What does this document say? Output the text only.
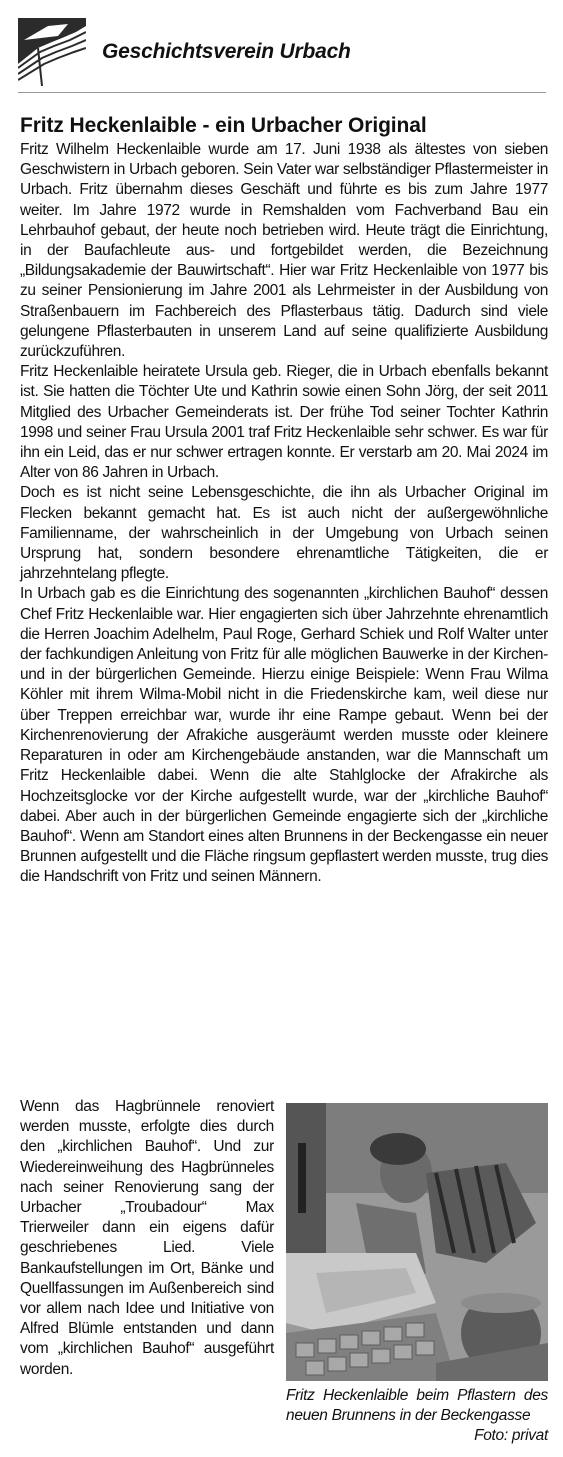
Geschichtsverein Urbach
Fritz Heckenlaible - ein Urbacher Original

Fritz Wilhelm Heckenlaible wurde am 17. Juni 1938 als ältestes von sieben Geschwistern in Urbach geboren. Sein Vater war selbständiger Pflastermeister in Urbach. Fritz übernahm dieses Geschäft und führte es bis zum Jahre 1977 weiter. Im Jahre 1972 wurde in Remshalden vom Fachverband Bau ein Lehrbauhof gebaut, der heute noch betrieben wird. Heute trägt die Einrichtung, in der Baufachleute aus- und fortgebildet werden, die Bezeichnung „Bildungsakademie der Bauwirtschaft“. Hier war Fritz Heckenlaible von 1977 bis zu seiner Pensionierung im Jahre 2001 als Lehrmeister in der Ausbildung von Straßenbauern im Fachbereich des Pflasterbaus tätig. Dadurch sind viele gelungene Pflasterbauten in unserem Land auf seine qualifizierte Ausbildung zurückzuführen.

Fritz Heckenlaible heiratete Ursula geb. Rieger, die in Urbach ebenfalls bekannt ist. Sie hatten die Töchter Ute und Kathrin sowie einen Sohn Jörg, der seit 2011 Mitglied des Urbacher Gemeinderats ist. Der frühe Tod seiner Tochter Kathrin 1998 und seiner Frau Ursula 2001 traf Fritz Heckenlaible sehr schwer. Es war für ihn ein Leid, das er nur schwer ertragen konnte. Er verstarb am 20. Mai 2024 im Alter von 86 Jahren in Urbach.

Doch es ist nicht seine Lebensgeschichte, die ihn als Urbacher Original im Flecken bekannt gemacht hat. Es ist auch nicht der außergewöhnliche Familienname, der wahrscheinlich in der Umgebung von Urbach seinen Ursprung hat, sondern besondere ehrenamtliche Tätigkeiten, die er jahrzehntelang pflegte.

In Urbach gab es die Einrichtung des sogenannten „kirchlichen Bauhof“ dessen Chef Fritz Heckenlaible war. Hier engagierten sich über Jahrzehnte ehrenamtlich die Herren Joachim Adelhelm, Paul Roge, Gerhard Schiek und Rolf Walter unter der fachkundigen Anleitung von Fritz für alle möglichen Bauwerke in der Kirchen- und in der bürgerlichen Gemeinde. Hierzu einige Beispiele: Wenn Frau Wilma Köhler mit ihrem Wilma-Mobil nicht in die Friedenskirche kam, weil diese nur über Treppen erreichbar war, wurde ihr eine Rampe gebaut. Wenn bei der Kirchenrenovierung der Afrakiche ausgeräumt werden musste oder kleinere Reparaturen in oder am Kirchengebäude anstanden, war die Mannschaft um Fritz Heckenlaible dabei. Wenn die alte Stahlglocke der Afrakirche als Hochzeitsglocke vor der Kirche aufgestellt wurde, war der „kirchliche Bauhof“ dabei. Aber auch in der bürgerlichen Gemeinde engagierte sich der „kirchliche Bauhof“. Wenn am Standort eines alten Brunnens in der Beckengasse ein neuer Brunnen aufgestellt und die Fläche ringsum gepflastert werden musste, trug dies die Handschrift von Fritz und seinen Männern.

Wenn das Hagbrünnele renoviert werden musste, erfolgte dies durch den „kirchlichen Bauhof“. Und zur Wiedereinweihung des Hagbrünneles nach seiner Renovierung sang der Urbacher „Troubadour“ Max Trierweiler dann ein eigens dafür geschriebenes Lied. Viele Bankaufstellungen im Ort, Bänke und Quellfassungen im Außenbereich sind vor allem nach Idee und Initiative von Alfred Blümle entstanden und dann vom „kirchlichen Bauhof“ ausgeführt worden.

Fritz Heckenlaible beim Pflastern des neuen Brunnens in der Beckengasse
Foto: privat
